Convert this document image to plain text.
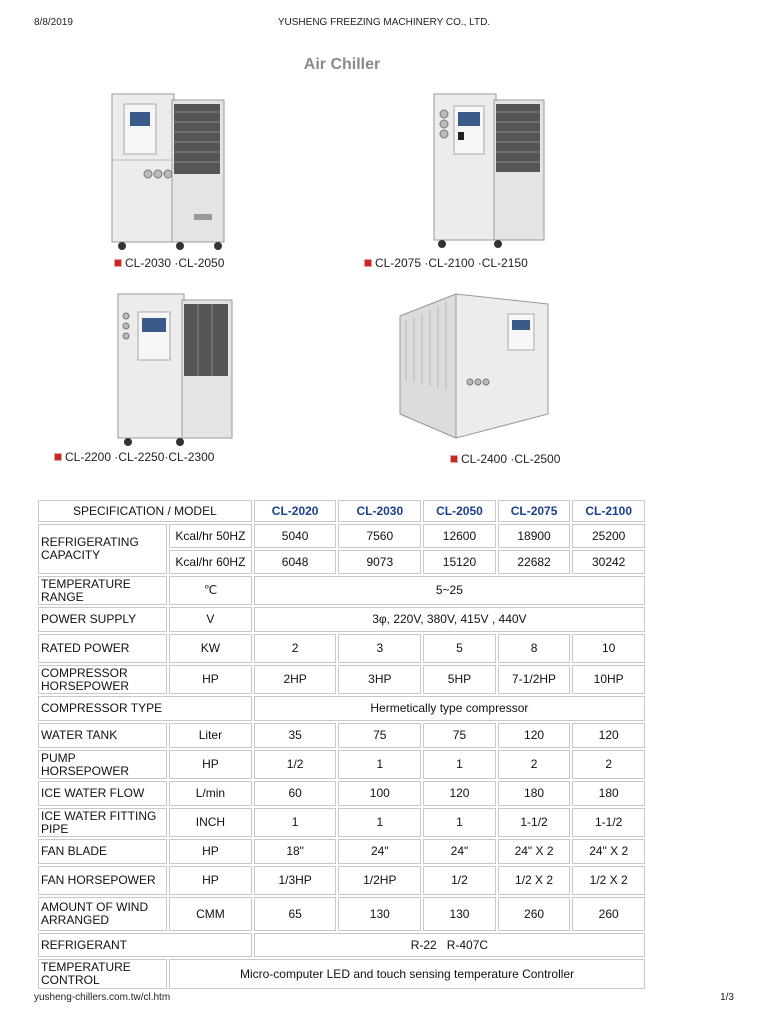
8/8/2019	YUSHENG FREEZING MACHINERY CO., LTD.
Air Chiller
CL-2030 ·CL-2050	CL-2075 ·CL-2100 ·CL-2150
CL-2200 ·CL-2250·CL-2300	CL-2400 ·CL-2500
SPECIFICATION / MODEL		CL-2020	CL-2030	CL-2050	CL-2075	CL-2100
REFRIGERATING CAPACITY	Kcal/hr 50HZ	5040	7560	12600	18900	25200
	Kcal/hr 60HZ	6048	9073	15120	22682	30242
TEMPERATURE RANGE	℃	5~25				
POWER SUPPLY	V	3φ, 220V, 380V, 415V , 440V				
RATED POWER	KW	2	3	5	8	10
COMPRESSOR HORSEPOWER	HP	2HP	3HP	5HP	7-1/2HP	10HP
COMPRESSOR TYPE		Hermetically type compressor				
WATER TANK	Liter	35	75	75	120	120
PUMP HORSEPOWER	HP	1/2	1	1	2	2
ICE WATER FLOW	L/min	60	100	120	180	180
ICE WATER FITTING PIPE	INCH	1	1	1	1-1/2	1-1/2
FAN BLADE	HP	18"	24"	24"	24" X 2	24" X 2
FAN HORSEPOWER	HP	1/3HP	1/2HP	1/2	1/2 X 2	1/2 X 2
AMOUNT OF WIND ARRANGED	CMM	65	130	130	260	260
REFRIGERANT		R-22   R-407C				
TEMPERATURE CONTROL	Micro-computer LED and touch sensing temperature Controller					
yusheng-chillers.com.tw/cl.htm	1/3
